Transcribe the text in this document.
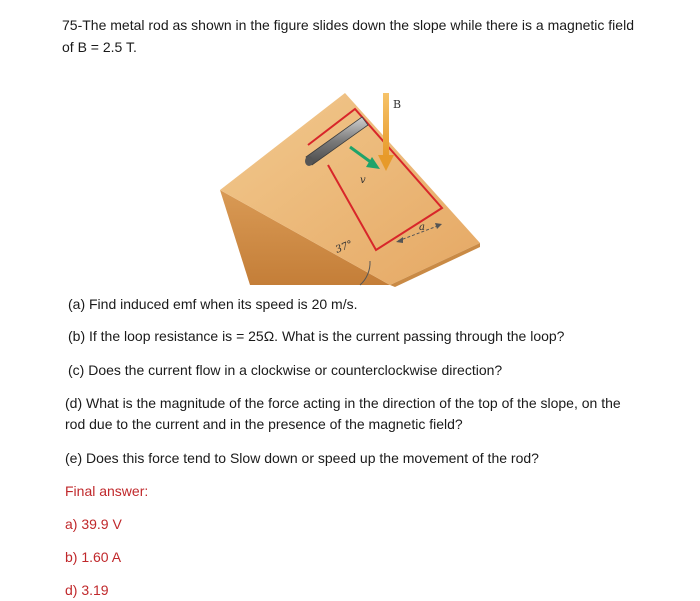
75-The metal rod as shown in the figure slides down the slope while there is a magnetic field
of B = 2.5 T.
B
v
37°
a
(a) Find induced emf when its speed is 20 m/s.
(b) If the loop resistance is = 25Ω. What is the current passing through the loop?
(c) Does the current flow in a clockwise or counterclockwise direction?
(d) What is the magnitude of the force acting in the direction of the top of the slope, on the
rod due to the current and in the presence of the magnetic field?
(e) Does this force tend to Slow down or speed up the movement of the rod?
Final answer:
a) 39.9 V
b) 1.60 A
d) 3.19
